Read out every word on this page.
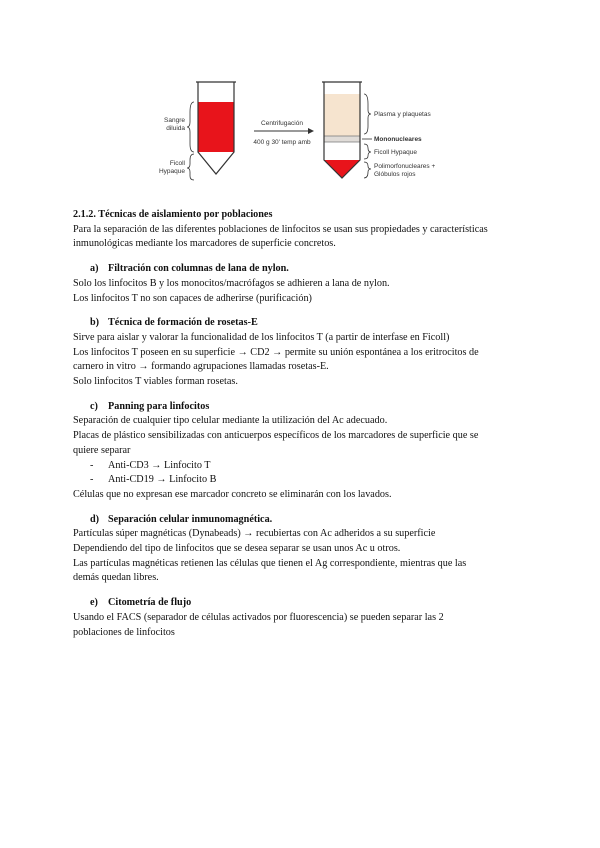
Sangre
diluida
Ficoll
Hypaque
Centrifugación
400 g 30' temp amb
Plasma y plaquetas
Mononucleares
Ficoll Hypaque
Polimorfonucleares +
Glóbulos rojos
2.1.2. Técnicas de aislamiento por poblaciones
Para la separación de las diferentes poblaciones de linfocitos se usan sus propiedades y características
inmunológicas mediante los marcadores de superficie concretos.
a) Filtración con columnas de lana de nylon.
Solo los linfocitos B y los monocitos/macrófagos se adhieren a lana de nylon.
Los linfocitos T no son capaces de adherirse (purificación)
b) Técnica de formación de rosetas-E
Sirve para aislar y valorar la funcionalidad de los linfocitos T (a partir de interfase en Ficoll)
Los linfocitos T poseen en su superficie → CD2 → permite su unión espontánea a los eritrocitos de
carnero in vitro → formando agrupaciones llamadas rosetas-E.
Solo linfocitos T viables forman rosetas.
c) Panning para linfocitos
Separación de cualquier tipo celular mediante la utilización del Ac adecuado.
Placas de plástico sensibilizadas con anticuerpos específicos de los marcadores de superficie que se
quiere separar
- Anti-CD3 → Linfocito T
- Anti-CD19 → Linfocito B
Células que no expresan ese marcador concreto se eliminarán con los lavados.
d) Separación celular inmunomagnética.
Partículas súper magnéticas (Dynabeads) → recubiertas con Ac adheridos a su superficie
Dependiendo del tipo de linfocitos que se desea separar se usan unos Ac u otros.
Las partículas magnéticas retienen las células que tienen el Ag correspondiente, mientras que las
demás quedan libres.
e) Citometría de flujo
Usando el FACS (separador de células activados por fluorescencia) se pueden separar las 2
poblaciones de linfocitos
